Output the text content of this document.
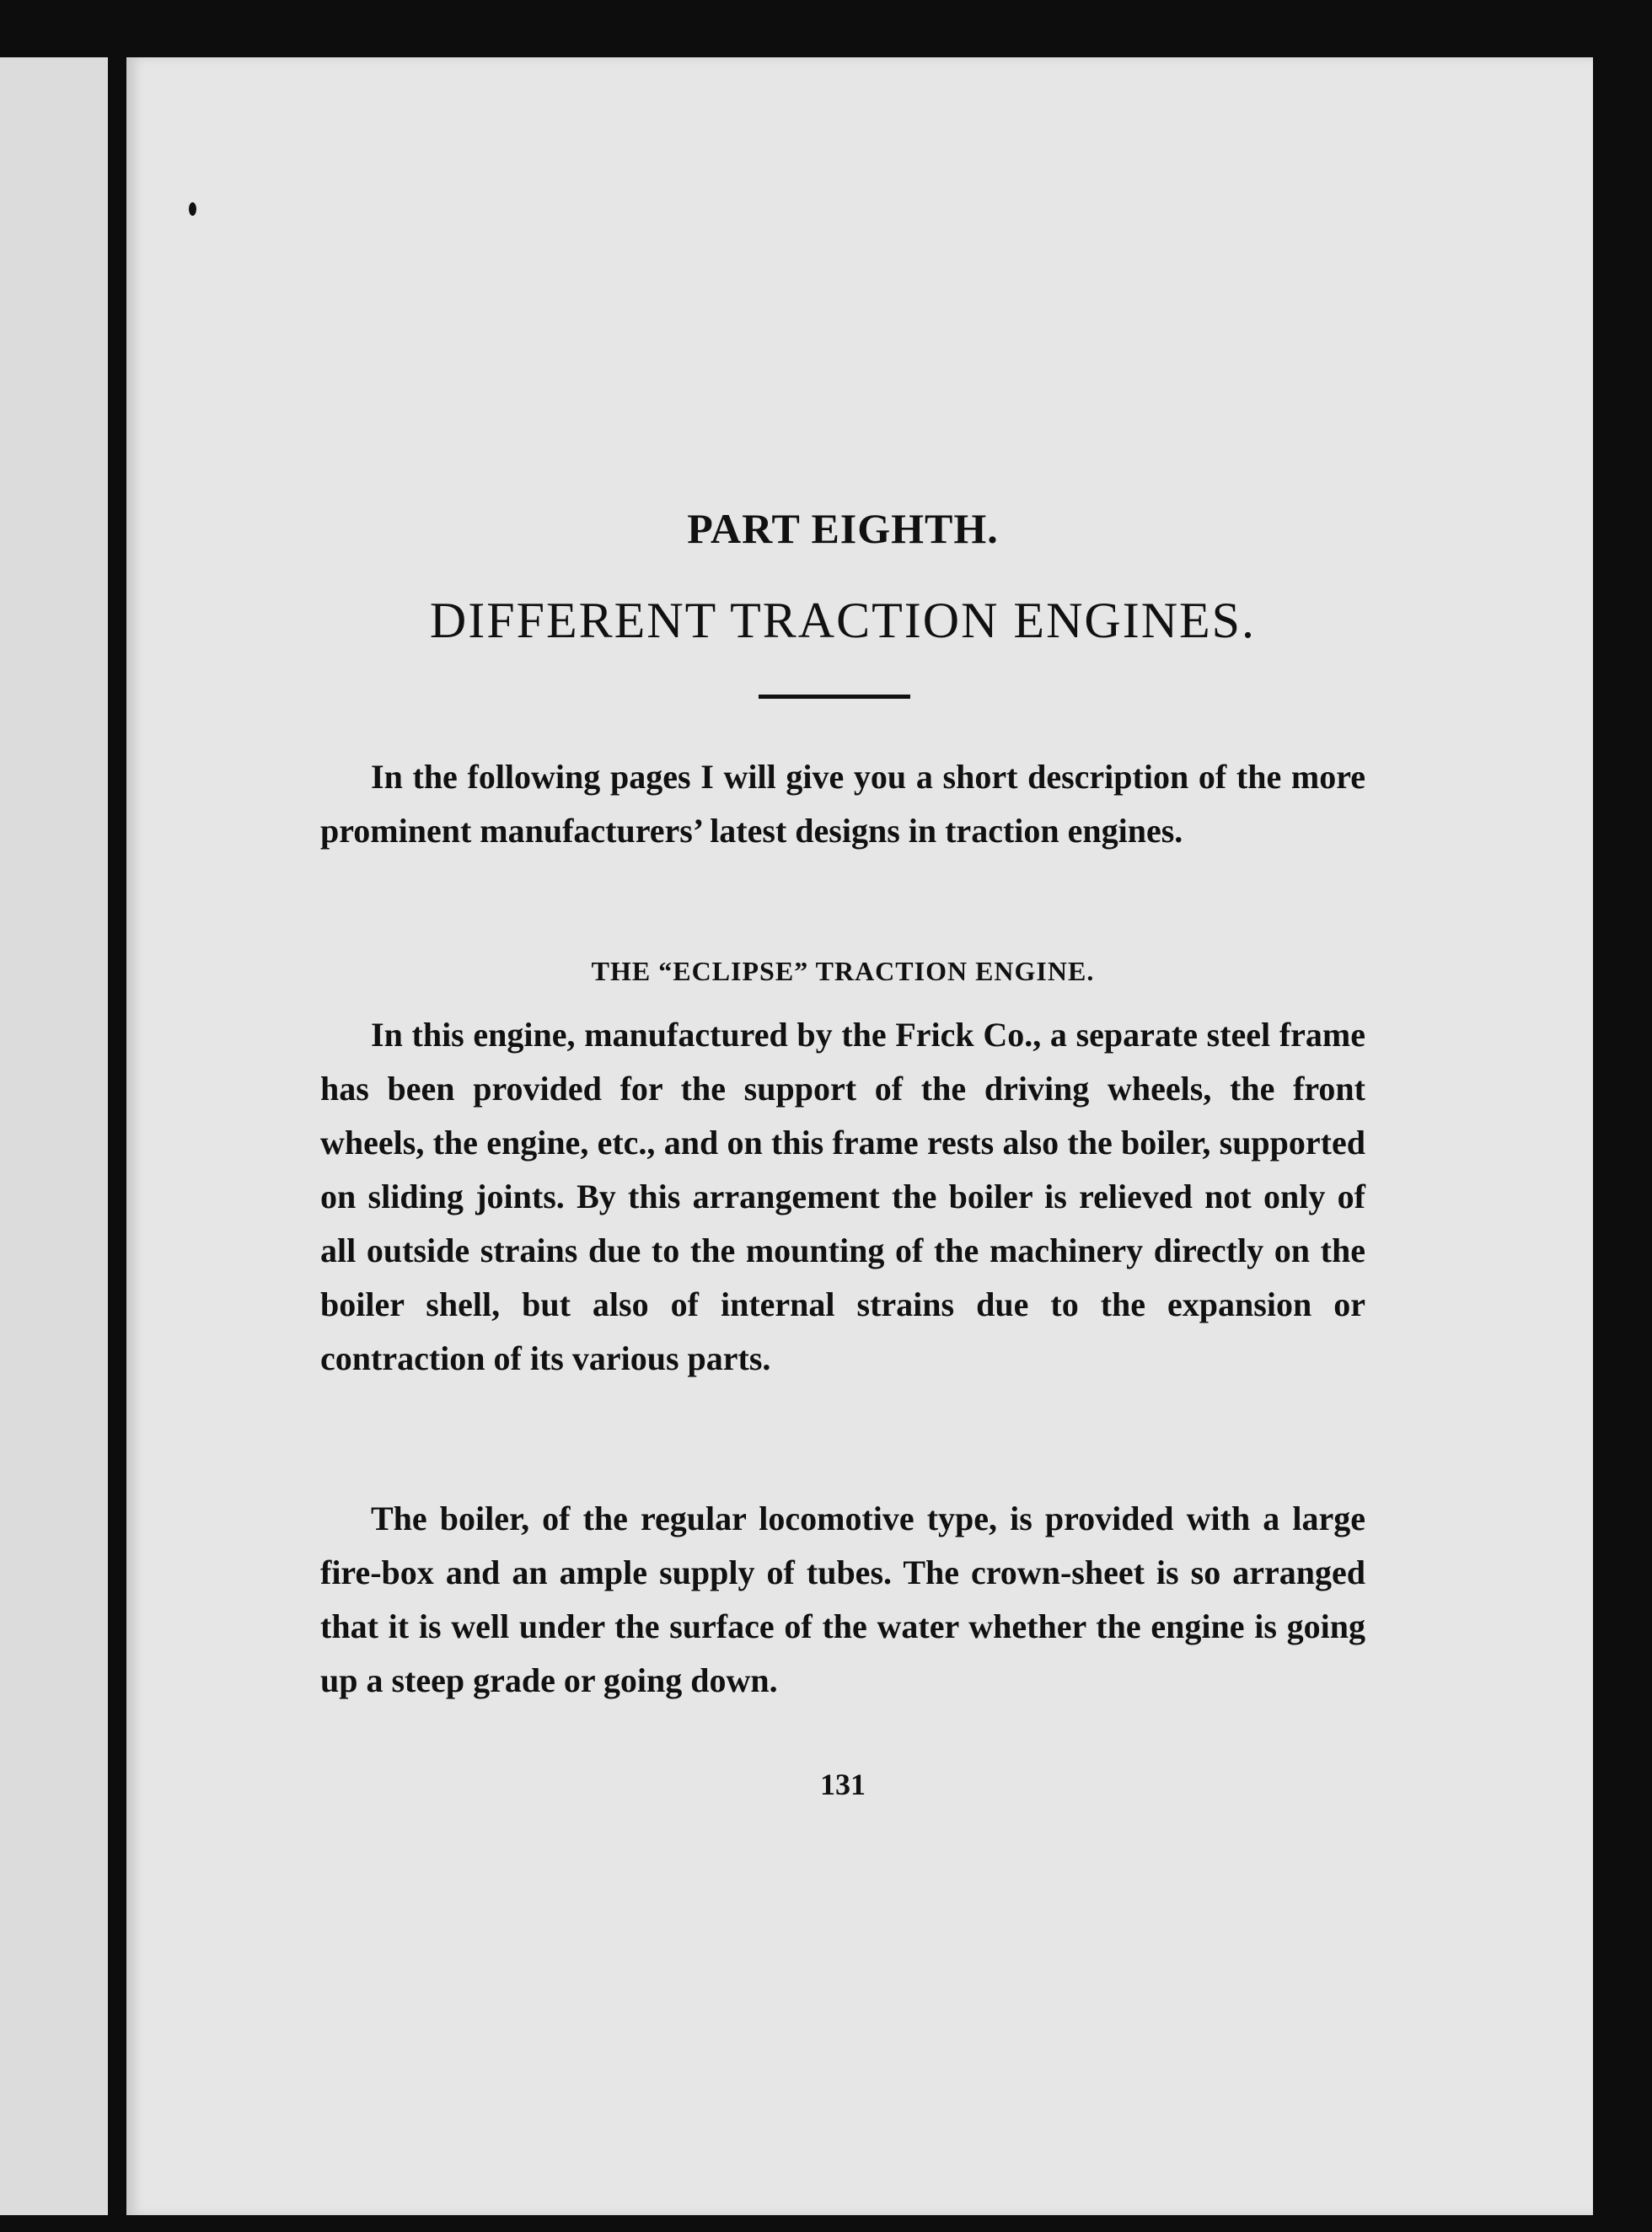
PART EIGHTH.
DIFFERENT TRACTION ENGINES.

In the following pages I will give you a short description of the more prominent manufacturers’ latest designs in traction engines.

THE “ECLIPSE” TRACTION ENGINE.

In this engine, manufactured by the Frick Co., a separate steel frame has been provided for the support of the driving wheels, the front wheels, the engine, etc., and on this frame rests also the boiler, supported on sliding joints. By this arrangement the boiler is relieved not only of all outside strains due to the mounting of the machinery directly on the boiler shell, but also of internal strains due to the expansion or contraction of its various parts.

The boiler, of the regular locomotive type, is provided with a large fire-box and an ample supply of tubes. The crown-sheet is so arranged that it is well under the surface of the water whether the engine is going up a steep grade or going down.

131
